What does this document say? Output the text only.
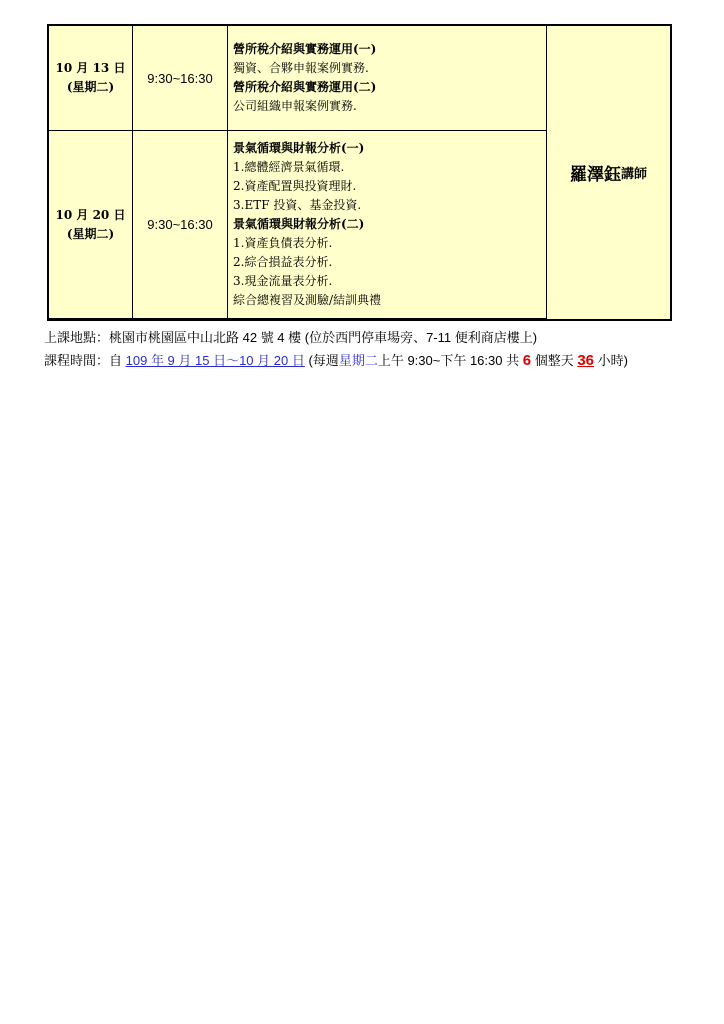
10 月 13 日
(星期二)
9:30~16:30
營所稅介紹與實務運用(一)
獨資、合夥申報案例實務.
營所稅介紹與實務運用(二)
公司組織申報案例實務.
10 月 20 日
(星期二)
9:30~16:30
景氣循環與財報分析(一)
1.總體經濟景氣循環.
2.資產配置與投資理財.
3.ETF 投資、基金投資.
景氣循環與財報分析(二)
1.資產負債表分析.
2.綜合損益表分析.
3.現金流量表分析.
綜合總複習及測驗/結訓典禮
羅澤鈺 講師
上課地點：桃園市桃園區中山北路 42 號 4 樓 (位於西門停車場旁、7-11 便利商店樓上)
課程時間：自 109 年 9 月 15 日～10 月 20 日 (每週星期二上午 9:30~下午 16:30 共 6 個整天 36 小時)
